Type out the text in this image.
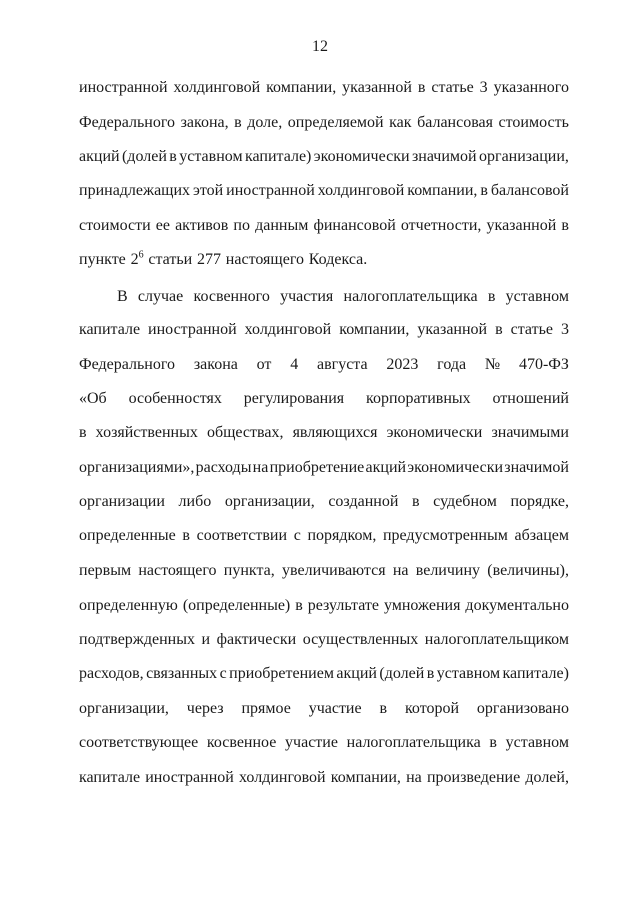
12
иностранной холдинговой компании, указанной в статье 3 указанного
Федерального закона, в доле, определяемой как балансовая стоимость
акций (долей в уставном капитале) экономически значимой организации,
принадлежащих этой иностранной холдинговой компании, в балансовой
стоимости ее активов по данным финансовой отчетности, указанной в
пункте $2^6$ статьи 277 настоящего Кодекса.
В случае косвенного участия налогоплательщика в уставном
капитале иностранной холдинговой компании, указанной в статье 3
Федерального закона от 4 августа 2023 года № 470-ФЗ
«Об особенностях регулирования корпоративных отношений
в хозяйственных обществах, являющихся экономически значимыми
организациями», расходы на приобретение акций экономически значимой
организации либо организации, созданной в судебном порядке,
определенные в соответствии с порядком, предусмотренным абзацем
первым настоящего пункта, увеличиваются на величину (величины),
определенную (определенные) в результате умножения документально
подтвержденных и фактически осуществленных налогоплательщиком
расходов, связанных с приобретением акций (долей в уставном капитале)
организации, через прямое участие в которой организовано
соответствующее косвенное участие налогоплательщика в уставном
капитале иностранной холдинговой компании, на произведение долей,
